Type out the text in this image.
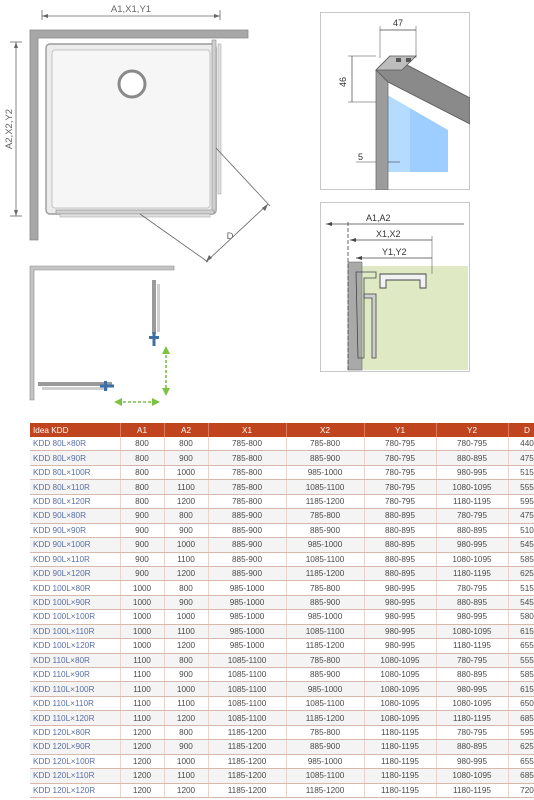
A1,X1,Y1
A2,X2,Y2
D
47
46
5
A1,A2
X1,X2
Y1,Y2
Idea KDD	A1	A2	X1	X2	Y1	Y2	D
KDD 80L×80R	800	800	785-800	785-800	780-795	780-795	440
KDD 80L×90R	800	900	785-800	885-900	780-795	880-895	475
KDD 80L×100R	800	1000	785-800	985-1000	780-795	980-995	515
KDD 80L×110R	800	1100	785-800	1085-1100	780-795	1080-1095	555
KDD 80L×120R	800	1200	785-800	1185-1200	780-795	1180-1195	595
KDD 90L×80R	900	800	885-900	785-800	880-895	780-795	475
KDD 90L×90R	900	900	885-900	885-900	880-895	880-895	510
KDD 90L×100R	900	1000	885-900	985-1000	880-895	980-995	545
KDD 90L×110R	900	1100	885-900	1085-1100	880-895	1080-1095	585
KDD 90L×120R	900	1200	885-900	1185-1200	880-895	1180-1195	625
KDD 100L×80R	1000	800	985-1000	785-800	980-995	780-795	515
KDD 100L×90R	1000	900	985-1000	885-900	980-995	880-895	545
KDD 100L×100R	1000	1000	985-1000	985-1000	980-995	980-995	580
KDD 100L×110R	1000	1100	985-1000	1085-1100	980-995	1080-1095	615
KDD 100L×120R	1000	1200	985-1000	1185-1200	980-995	1180-1195	655
KDD 110L×80R	1100	800	1085-1100	785-800	1080-1095	780-795	555
KDD 110L×90R	1100	900	1085-1100	885-900	1080-1095	880-895	585
KDD 110L×100R	1100	1000	1085-1100	985-1000	1080-1095	980-995	615
KDD 110L×110R	1100	1100	1085-1100	1085-1100	1080-1095	1080-1095	650
KDD 110L×120R	1100	1200	1085-1100	1185-1200	1080-1095	1180-1195	685
KDD 120L×80R	1200	800	1185-1200	785-800	1180-1195	780-795	595
KDD 120L×90R	1200	900	1185-1200	885-900	1180-1195	880-895	625
KDD 120L×100R	1200	1000	1185-1200	985-1000	1180-1195	980-995	655
KDD 120L×110R	1200	1100	1185-1200	1085-1100	1180-1195	1080-1095	685
KDD 120L×120R	1200	1200	1185-1200	1185-1200	1180-1195	1180-1195	720
